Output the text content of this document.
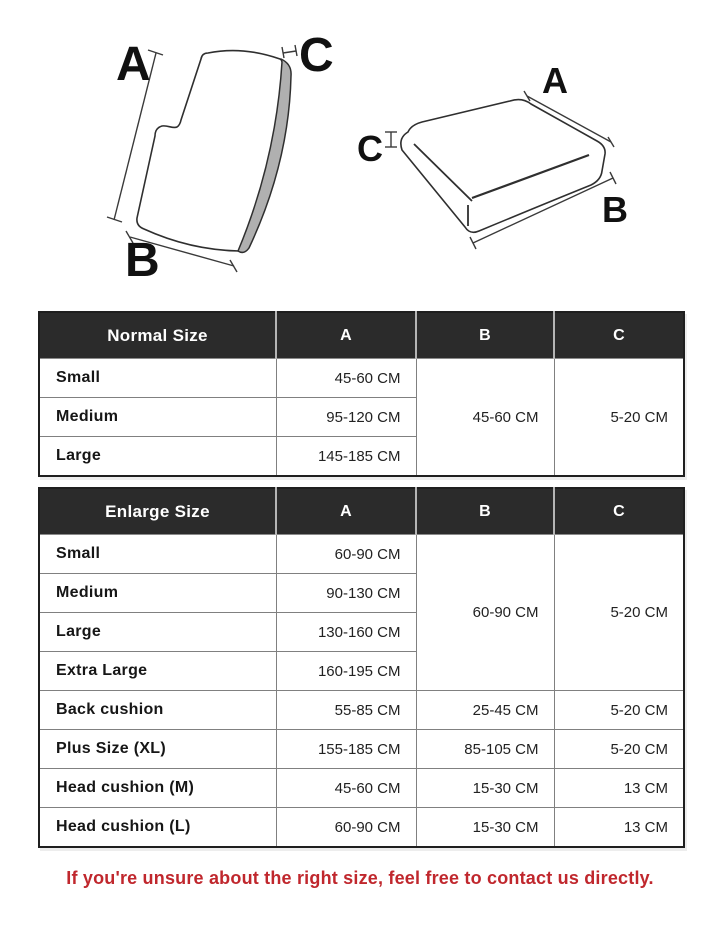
A
B
C	A
B
C
Normal Size	A	B	C
Small	45-60 CM	45-60 CM	5-20 CM
Medium	95-120 CM		
Large	145-185 CM		
Enlarge Size	A	B	C
Small	60-90 CM	60-90 CM	5-20 CM
Medium	90-130 CM		
Large	130-160 CM		
Extra Large	160-195 CM		
Back cushion	55-85 CM	25-45 CM	5-20 CM
Plus Size (XL)	155-185 CM	85-105 CM	5-20 CM
Head cushion (M)	45-60 CM	15-30 CM	13 CM
Head cushion (L)	60-90 CM	15-30 CM	13 CM
If you're unsure about the right size, feel free to contact us directly.
